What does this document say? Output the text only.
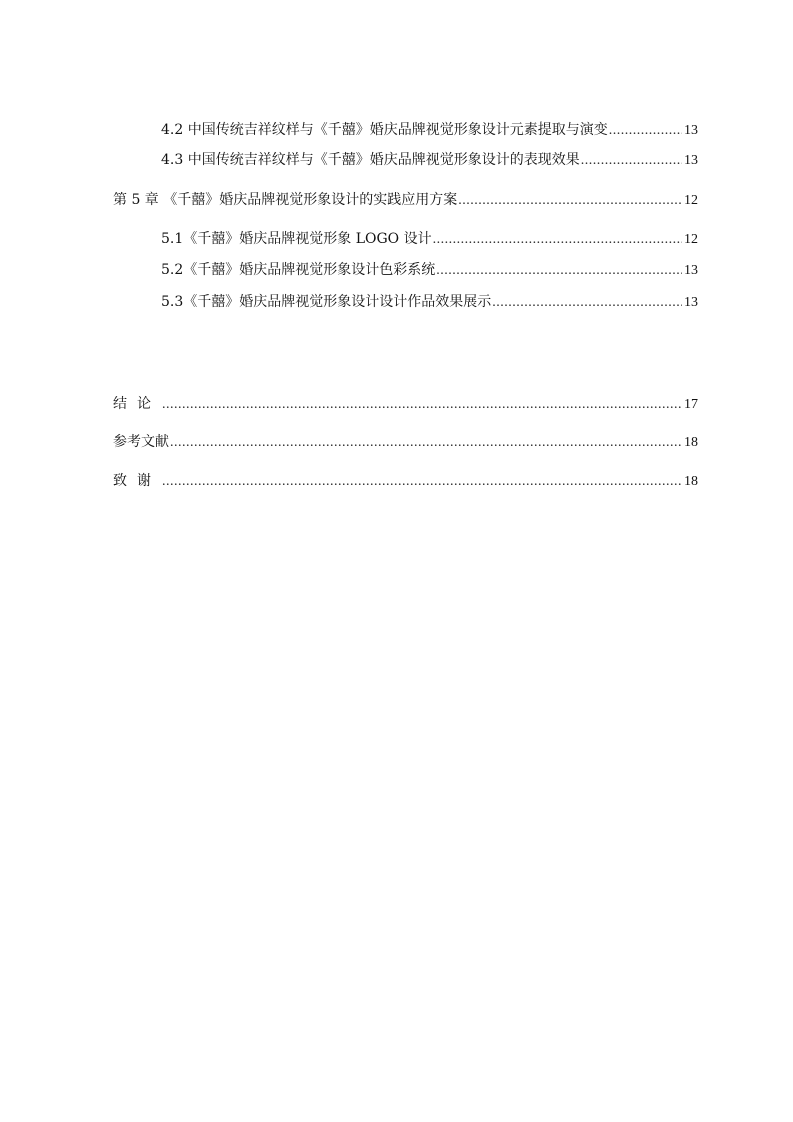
4.2 中国传统吉祥纹样与《千囍》婚庆品牌视觉形象设计元素提取与演变 .....	13
4.3 中国传统吉祥纹样与《千囍》婚庆品牌视觉形象设计的表现效果 .....	13
第 5 章 《千囍》婚庆品牌视觉形象设计的实践应用方案 .....	12
5.1《千囍》婚庆品牌视觉形象 LOGO 设计 .....	12
5.2《千囍》婚庆品牌视觉形象设计色彩系统 .....	13
5.3《千囍》婚庆品牌视觉形象设计设计作品效果展示 .....	13
结论 .....	17
参考文献 .....	18
致谢 .....	18
